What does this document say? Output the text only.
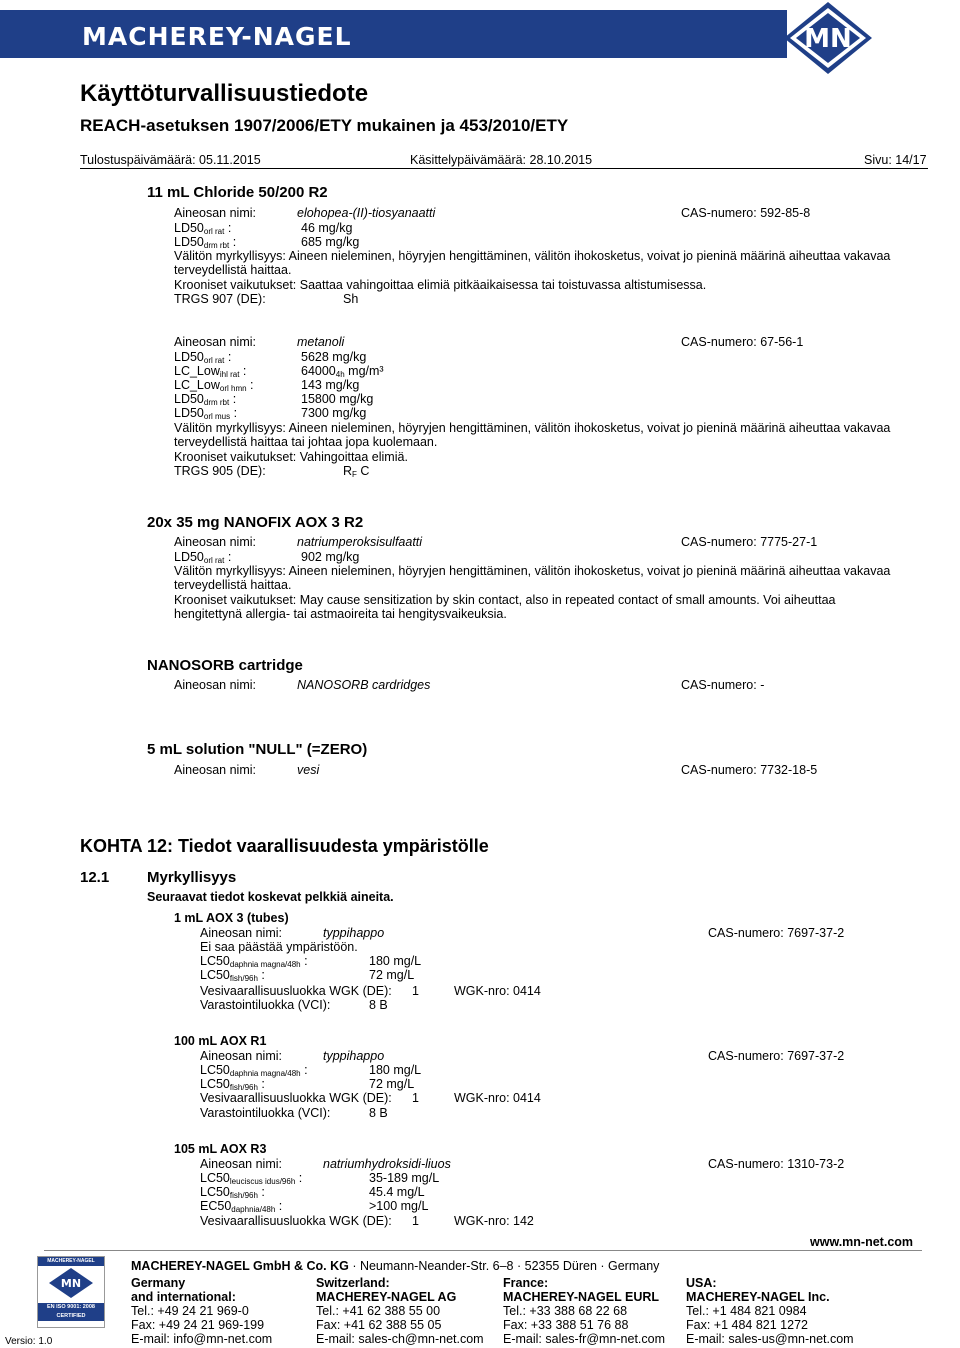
MACHEREY-NAGEL	MN
Käyttöturvallisuustiedote
REACH-asetuksen 1907/2006/ETY mukainen ja 453/2010/ETY
Tulostuspäivämäärä: 05.11.2015	Käsittelypäivämäärä: 28.10.2015	Sivu: 14/17
11 mL Chloride 50/200 R2
Aineosan nimi:	elohopea-(II)-tiosyanaatti	CAS-numero: 592-85-8
$LD50_{orl rat}$ :	46 mg/kg
$LD50_{drm rbt}$ :	685 mg/kg
Välitön myrkyllisyys: Aineen nieleminen, höyryjen hengittäminen, välitön ihokosketus, voivat jo pieninä määrinä aiheuttaa vakavaa
terveydellistä haittaa.
Krooniset vaikutukset: Saattaa vahingoittaa elimiä pitkäaikaisessa tai toistuvassa altistumisessa.
TRGS 907 (DE):	Sh
Aineosan nimi:	metanoli	CAS-numero: 67-56-1
$LD50_{orl rat}$ :	5628 mg/kg
LC_Low$_{ihl rat}$ :	$64000_{4h}$ mg/m³
LC_Low$_{orl hmn}$ :	143 mg/kg
$LD50_{drm rbt}$ :	15800 mg/kg
$LD50_{orl mus}$ :	7300 mg/kg
Välitön myrkyllisyys: Aineen nieleminen, höyryjen hengittäminen, välitön ihokosketus, voivat jo pieninä määrinä aiheuttaa vakavaa
terveydellistä haittaa tai johtaa jopa kuolemaan.
Krooniset vaikutukset: Vahingoittaa elimiä.
TRGS 905 (DE):	$R_F$ C
20x 35 mg NANOFIX AOX 3 R2
Aineosan nimi:	natriumperoksisulfaatti	CAS-numero: 7775-27-1
$LD50_{orl rat}$ :	902 mg/kg
Välitön myrkyllisyys: Aineen nieleminen, höyryjen hengittäminen, välitön ihokosketus, voivat jo pieninä määrinä aiheuttaa vakavaa
terveydellistä haittaa.
Krooniset vaikutukset: May cause sensitization by skin contact, also in repeated contact of small amounts. Voi aiheuttaa
hengitettynä allergia- tai astmaoireita tai hengitysvaikeuksia.
NANOSORB cartridge
Aineosan nimi:	NANOSORB cardridges	CAS-numero: -
5 mL solution "NULL" (=ZERO)
Aineosan nimi:	vesi	CAS-numero: 7732-18-5
KOHTA 12: Tiedot vaarallisuudesta ympäristölle
12.1	Myrkyllisyys
Seuraavat tiedot koskevat pelkkiä aineita.
1 mL AOX 3 (tubes)
Aineosan nimi:	typpihappo	CAS-numero: 7697-37-2
Ei saa päästää ympäristöön.
$LC50_{daphnia magna/48h}$ :	180 mg/L
$LC50_{fish/96h}$ :	72 mg/L
Vesivaarallisuusluokka WGK (DE): 1	WGK-nro: 0414
Varastointiluokka (VCI):	8 B
100 mL AOX R1
Aineosan nimi:	typpihappo	CAS-numero: 7697-37-2
$LC50_{daphnia magna/48h}$ :	180 mg/L
$LC50_{fish/96h}$ :	72 mg/L
Vesivaarallisuusluokka WGK (DE): 1	WGK-nro: 0414
Varastointiluokka (VCI):	8 B
105 mL AOX R3
Aineosan nimi:	natriumhydroksidi-liuos	CAS-numero: 1310-73-2
$LC50_{leuciscus idus/96h}$ :	35-189 mg/L
$LC50_{fish/96h}$ :	45.4 mg/L
$EC50_{daphnia/48h}$ :	>100 mg/L
Vesivaarallisuusluokka WGK (DE): 1	WGK-nro: 142
www.mn-net.com
MACHEREY-NAGEL
MN
EN ISO 9001: 2008
CERTIFIED
Versio: 1.0
MACHEREY-NAGEL GmbH & Co. KG · Neumann-Neander-Str. 6–8 · 52355 Düren · Germany
Germany
and international:
Tel.: +49 24 21 969-0
Fax: +49 24 21 969-199
E-mail: info@mn-net.com
Switzerland:
MACHEREY-NAGEL AG
Tel.: +41 62 388 55 00
Fax: +41 62 388 55 05
E-mail: sales-ch@mn-net.com
France:
MACHEREY-NAGEL EURL
Tel.: +33 388 68 22 68
Fax: +33 388 51 76 88
E-mail: sales-fr@mn-net.com
USA:
MACHEREY-NAGEL Inc.
Tel.: +1 484 821 0984
Fax: +1 484 821 1272
E-mail: sales-us@mn-net.com
